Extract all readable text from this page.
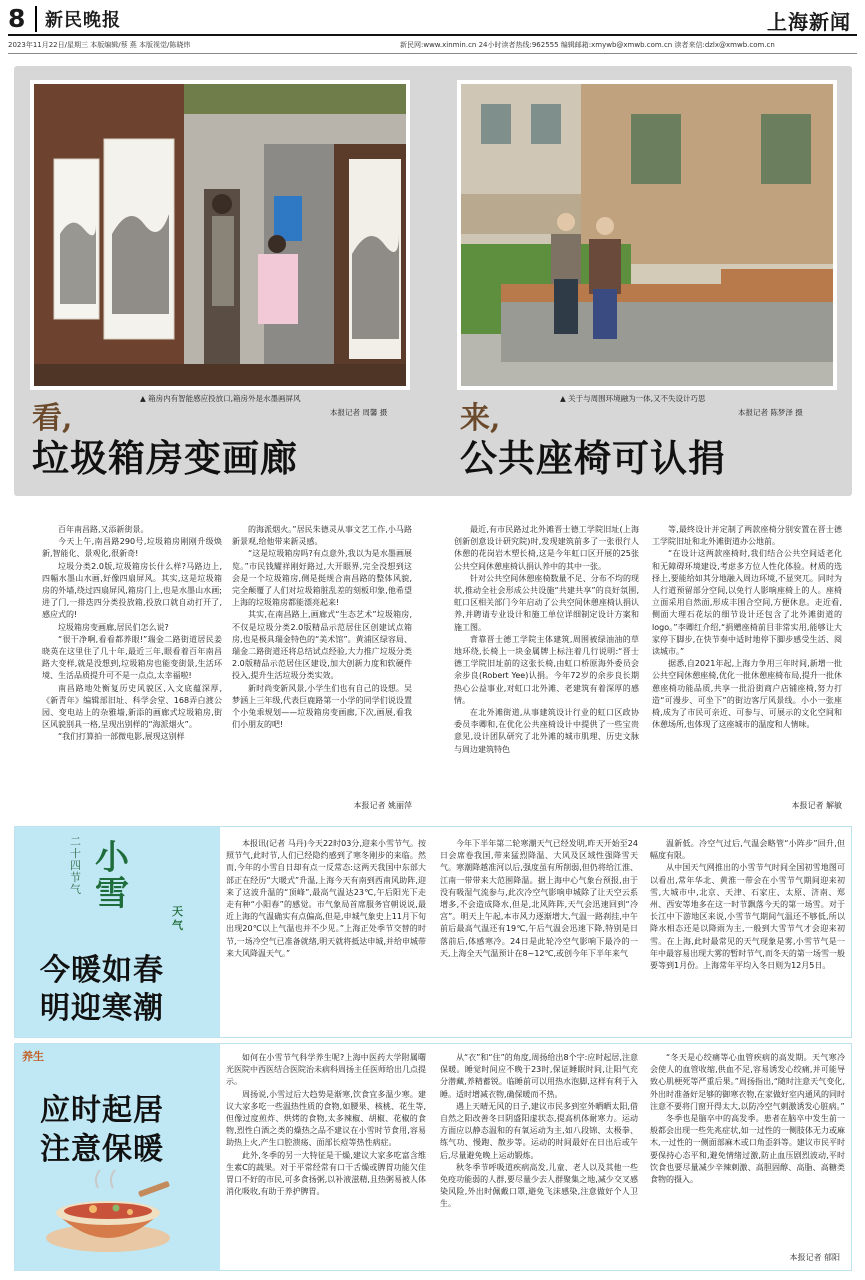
8 新民晚报	上海新闻
2023年11月22日/星期三 本版编辑/蔡 燕 本版视觉/陈晓炜	新民网:www.xinmin.cn 24小时读者热线:962555 编辑邮箱:xmywb@xmwb.com.cn 读者来信:dzlx@xmwb.com.cn
▲ 箱房内有智能感应投放口,箱房外是水墨画屏风
本报记者 周馨 摄
看,
垃圾箱房变画廊
▲ 关于与周围环境融为一体,又不失设计巧思
本报记者 陈梦泽 摄
来,
公共座椅可认捐

百年南昌路,又添新街景。

今天上午,南昌路290号,垃圾箱房刚刚升级焕新,智能化、景观化,很新奇!

垃圾分类2.0版,垃圾箱房长什么样?马路边上,四幅水墨山水画,好像四扇屏风。其实,这是垃圾箱房的外墙,绕过四扇屏风,箱房门上,也是水墨山水画;进了门,一排迭四分类投放箱,投放口就自动打开了,感应式的!

垃圾箱房变画廊,居民们怎么说?

“很干净啊,看看都养眼!”瑞金二路街道居民姜晓英在这里住了几十年,最近三年,眼看着百年南昌路大变样,就是没想到,垃圾箱房也能变街景,生活环境、生活品质提升可不是一点点,太幸福啦!

南昌路地处衡复历史风貌区,入文底蕴深厚,《新青年》编辑部旧址、科学会堂、168弄白渡公园、变电站上的杂雅墙,新添的画廊式垃圾箱房,街区风貌别具一格,呈现出别样的“海派烟火”。

“我们打算拍一部微电影,展现这别样

的海派烟火。”居民朱德灵从事文艺工作,小马路新景观,给他带来新灵感。

“这是垃圾箱房吗?有点意外,我以为是水墨画展览。”市民钱耀祥刚好路过,大开眼界,完全没想到这会是一个垃圾箱房,侧是挺规合南昌路的整体风貌,完全颠覆了人们对垃圾箱脏乱差的刻板印象,他希望上海的垃圾箱房都能漂亮起来!

其实,在南昌路上,画廊式“生态艺术”垃圾箱房,不仅是垃圾分类2.0版精品示范居住区创建试点箱房,也是极具瑞金特色的“美术馆”。黄浦区绿容局、瑞金二路街道还将总结试点经验,大力推广垃圾分类2.0版精品示范居住区建设,加大创新力度和软硬件投入,提升生活垃圾分类实效。

新时尚变新风景,小学生们也有自己的设想。吴梦涵上三年级,代表巨鹿路第一小学的同学们说设置个小兔乖规划——垃圾箱房变画廊,下次,画展,看我们小朋友的吧!

本报记者 姚丽萍

最近,有市民路过北外滩晋士德工学院旧址(上海创新创意设计研究院)时,发现建筑前多了一张很行人休憩的花岗岩木塑长椅,这是今年虹口区开展的25张公共空间休憩座椅认捐认养中的其中一张。

针对公共空间休憩座椅数量不足、分布不均的现状,推动全社会形成公共设施“共建共享”的良好氛围,虹口区相关部门今年启动了公共空间休憩座椅认捐认养,并聘请专业设计和施工单位详细制定设计方案和施工图。

背靠晋士德工学院主体建筑,周围被绿油油的草地环绕,长椅上一块金属牌上标注着几行说明:“晋士德工学院旧址前的这张长椅,由虹口桥原海外委员会余步良(Robert Yee)认捐。今年72岁的余步良长期热心公益事业,对虹口北外滩、老建筑有着深厚的感情。

在北外滩街道,从事建筑设计行业的虹口区政协委员李卿和,在优化公共座椅设计中提供了一些宝贵意见,设计团队研究了北外滩的城市肌理、历史文脉与周边建筑特色

等,最终设计并定制了两款座椅分别安置在晋士德工学院旧址和北外滩街道办公地前。

“在设计这两款座椅时,我们结合公共空间适老化和无障碍环境建设,考虑多方位人性化体验。材质的选择上,要能给如其分地融入周边环境,不显突兀。同时为人行道预留部分空间,以免行人影响座椅上的人。座椅立面采用自然面,形成丰围合空间,方便休息。走近看,侧面大理石花坛的细节设计还包含了北外滩街道的logo。”李卿红介绍,“捐赠座椅前目非常实用,能够让大家停下脚步,在快节奏中适时地停下脚步感受生活、阅读城市。”

据悉,自2021年起,上海力争用三年时间,新增一批公共空间休憩座椅,优化一批休憩座椅布局,提升一批休憩座椅功能品质,共享一批沿街商户店铺座椅,努力打造“可漫步、可坐下”的街边客厅风景线。小小一张座椅,成为了市民可亲近、可参与、可展示的文化空间和休憩场所,也体现了这座城市的温度和人情味。

本报记者 解敏
小雪
二十四节气
天气
今暖如春
明迎寒潮

本报讯(记者 马丹)今天22时03分,迎来小雪节气。按照节气,此时节,人们已经隐约感到了寒冬刚步的来临。然而,今年的小雪自日却有点一反常态:这两天我国中东部大部正在经历“大暖式”升温,上海今天有南到西南风助阵,迎来了这波升温的“顶峰”,最高气温达23℃,午后阳光下走走有种“小阳春”的感觉。市气象局首席服务官朝说说,最近上海的气温确实有点偏高,但是,申城气象史上11月下旬出现20℃以上气温也并不少见。”上海正处季节交替的时节,一场冷空气已准备就绪,明天就将抵达申城,并给申城带来大风降温天气。”

今年下半年第二轮寒潮天气已经发明,昨天开始至24日会席卷我国,带来猛烈降温、大风及区域性强降雪天气。寒潮降越准河以后,强度虽有所削弱,但仍将给江淮、江南一带带来大范围降温。据上海中心气象台预报,由于没有吸湿气流参与,此次冷空气影响申城除了让天空云系增多,不会造成降水,但是,北风阵阵,天气会迅速回到“冷宫”。明天上午起,本市风力逐渐增大,气温一路刹挂,中午前后最高气温还有19℃,午后气温会迅速下降,特别是日落前后,体感寒冷。24日是此轮冷空气影响下最冷的一天,上海全天气温预计在8~12℃,或创今年下半年来气

温新低。冷空气过后,气温会略管“小阵步”回升,但幅度有限。

从中国天气网推出的小雪节气时间全国初雪地图可以看出,常年华北、黄淮一带会在小雪节气期间迎来初雪,大城市中,北京、天津、石家庄、太原、济南、郑州、西安等地多在这一时节飘落今天的第一场雪。对于长江中下游地区来说,小雪节气期间气温还不够低,所以降水相态还是以降雨为主,一般到大雪节气才会迎来初雪。在上海,此时最常见的天气现象是雾,小雪节气是一年中最容易出现大雾的暂时节气,而冬天的第一场雪一般要等到1月份。上海常年平均入冬日则为12月5日。

养生
应时起居
注意保暖

如何在小雪节气科学养生呢?上海中医药大学附属曙光医院中西医结合医院治未病科周扬主任医师给出几点提示。

周扬说,小雪过后大趋势是渐寒,饮食宜多温少寒。建议大家多吃一些温热性质的食物,如腰果、核桃、花生等,但像过度煎炸、烘烤的食物,太多辣椒、胡椒、花椒的食物,烈性白酒之类的燥热之品不建议在小雪时节食用,容易助热上火,产生口腔溃疡、面部长痘等热性病症。

此外,冬季的另一大特征是干燥,建议大家多吃富含维生素C的蔬果。对于平常经常有口干舌燥或脾胃功能欠佳胃口不好的市民,可多食扬粥,以补液滋精,且热粥易被人体消化吸收,有助于养护脾胃。

从“衣”和“住”的角度,周扬给出8个字:应时起居,注意保暖。睡觉时间应不晚于23时,保证睡眠时间,让阳气充分潜藏,养精蓄锐。临睡前可以用热水泡脚,这样有利于入睡。适时增减衣物,确保暖而不热。

遇上天晴无风的日子,建议市民多到室外晒晒太阳,借自然之阳改善冬日阴盛阳虚状态,提高机体耐寒力。运动方面应以静态温和的有氧运动为主,如八段锦、太极拳、练气功、慢跑、散步等。运动的时间最好在日出后或午后,尽量避免晚上运动锻炼。

秋冬季节呼吸道疾病高发,儿童、老人以及其他一些免疫功能弱的人群,要尽量少去人群聚集之地,减少交叉感染风险,外出时佩戴口罩,避免飞沫感染,注意做好个人卫生。

“冬天是心绞痛等心血管疾病的高发期。天气寒冷会使人的血管收缩,供血不足,容易诱发心绞痛,并可能导致心肌梗死等严重后果。”周扬指出,“随时注意天气变化,外出时准备好足够的御寒衣物,在家做好室内通风的同时注意不要将门窗开得太大,以防冷空气刺激诱发心脏病。”

冬季也是脑卒中的高发季。患者在脑卒中发生前一般都会出现一些先兆症状,如一过性的一侧肢体无力或麻木,一过性的一侧面部麻木或口角歪斜等。建议市民平时要保持心态平和,避免情绪过激,防止血压剧烈波动,平时饮食也要尽量减少辛辣刺激、高胆固醇、高脂、高糖类食物的摄入。

本报记者 郁阳
